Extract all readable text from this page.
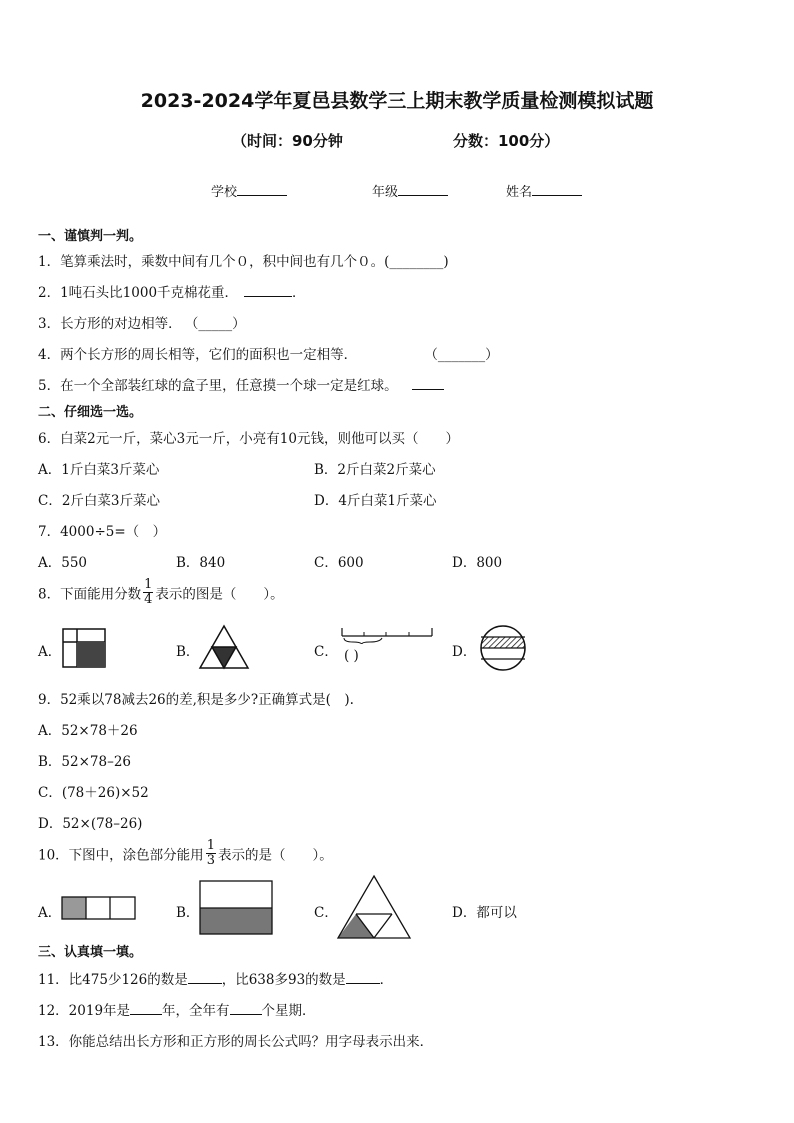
2023-2024学年夏邑县数学三上期末教学质量检测模拟试题
（时间：90分钟	分数：100分）
学校	年级	姓名
一、谨慎判一判。
1．笔算乘法时，乘数中间有几个０，积中间也有几个０。(________)
2．1吨石头比1000千克棉花重．	．
3．长方形的对边相等． （_____）
4．两个长方形的周长相等，它们的面积也一定相等．	（_______）
5．在一个全部装红球的盒子里，任意摸一个球一定是红球。
二、仔细选一选。
6．白菜2元一斤，菜心3元一斤，小亮有10元钱，则他可以买（　　）
A．1斤白菜3斤菜心	B．2斤白菜2斤菜心
C．2斤白菜3斤菜心	D．4斤白菜1斤菜心
7．4000÷5=（　）
A．550	B．840	C．600	D．800
8．下面能用分数 $\frac{1}{4}$ 表示的图是（　　）。
A．	B．	C． ( )	D．
9．52乘以78减去26的差,积是多少?正确算式是(　).
A．52×78＋26
B．52×78–26
C．(78＋26)×52
D．52×(78–26)
10．下图中，涂色部分能用 $\frac{1}{3}$ 表示的是（　　）。
A．	B．	C．	D．都可以
三、认真填一填。
11．比475少126的数是	，比638多93的数是	．
12．2019年是 年，全年有 个星期．
13．你能总结出长方形和正方形的周长公式吗？用字母表示出来．
